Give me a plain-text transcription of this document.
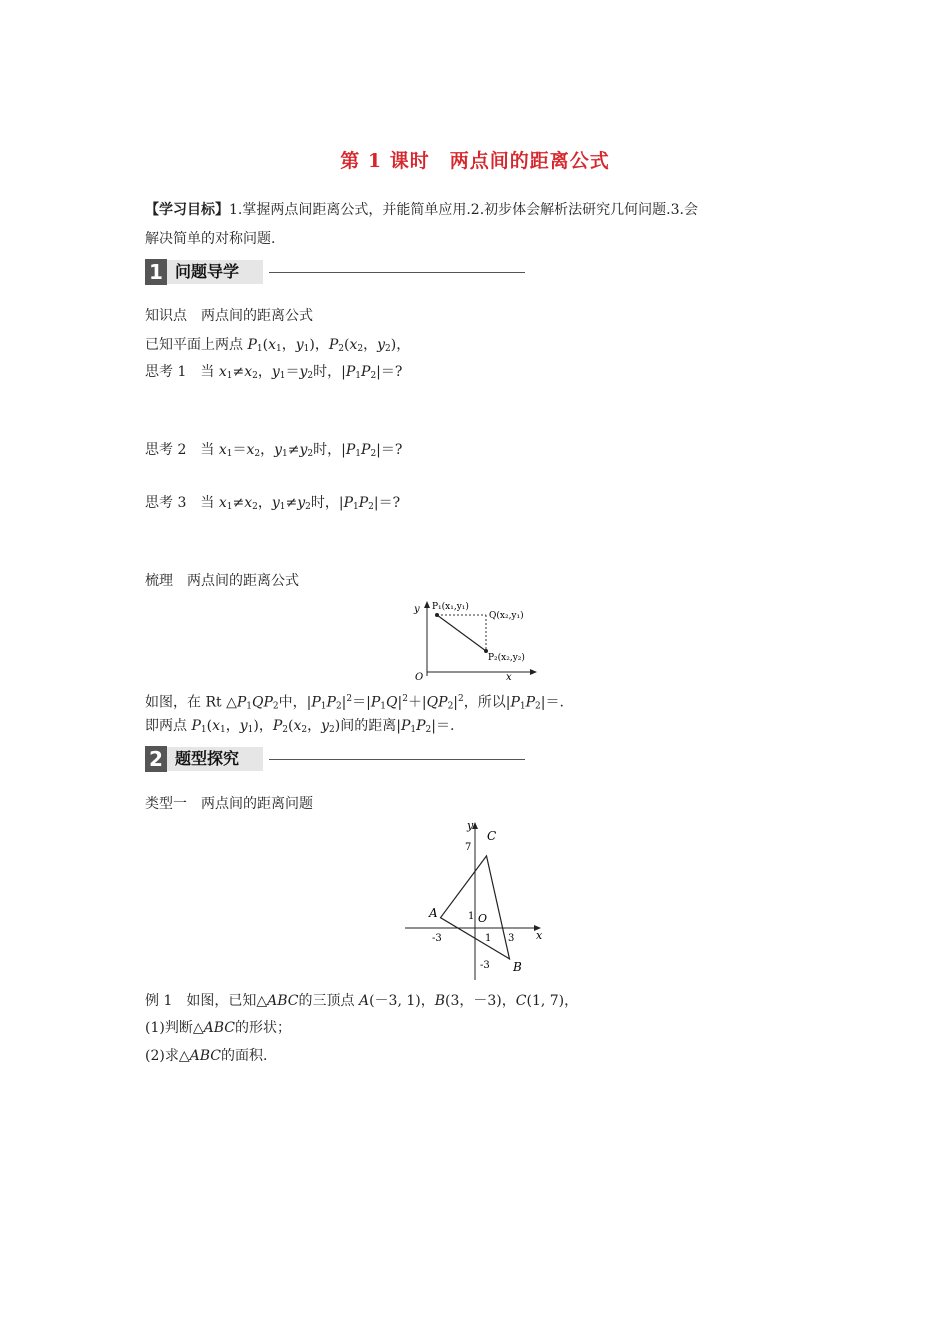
第 1 课时　两点间的距离公式
【学习目标】1.掌握两点间距离公式，并能简单应用.2.初步体会解析法研究几何问题.3.会
解决简单的对称问题.
1 问题导学
知识点　两点间的距离公式
已知平面上两点 $P_1(x_1$，$y_1$)，$P_2(x_2$，$y_2$)，
思考 1　当 $x_1\ne x_2$，$y_1=y_2$时，$|P_1P_2|=$?
思考 2　当 $x_1=x_2$，$y_1\ne y_2$时，$|P_1P_2|=$?
思考 3　当 $x_1\ne x_2$，$y_1\ne y_2$时，$|P_1P_2|=$?
梳理　两点间的距离公式
y
x
O
P₁(x₁,y₁)
Q(x₂,y₁)
P₂(x₂,y₂)
如图，在 Rt $\triangle P_1QP_2$中，$|P_1P_2|^2=|P_1Q|^2+|QP_2|^2$，所以$|P_1P_2|=$.
即两点 $P_1(x_1$，$y_1$)，$P_2(x_2$，$y_2$)间的距离$|P_1P_2|=$.
2 题型探究
类型一　两点间的距离问题
y
x
O
A
B
C
-3	1 3
7
1
-3
例 1　如图，已知△ABC的三顶点 A(－3, 1)，B(3，－3)，C(1, 7)，
(1)判断△ABC的形状；
(2)求△ABC的面积.
